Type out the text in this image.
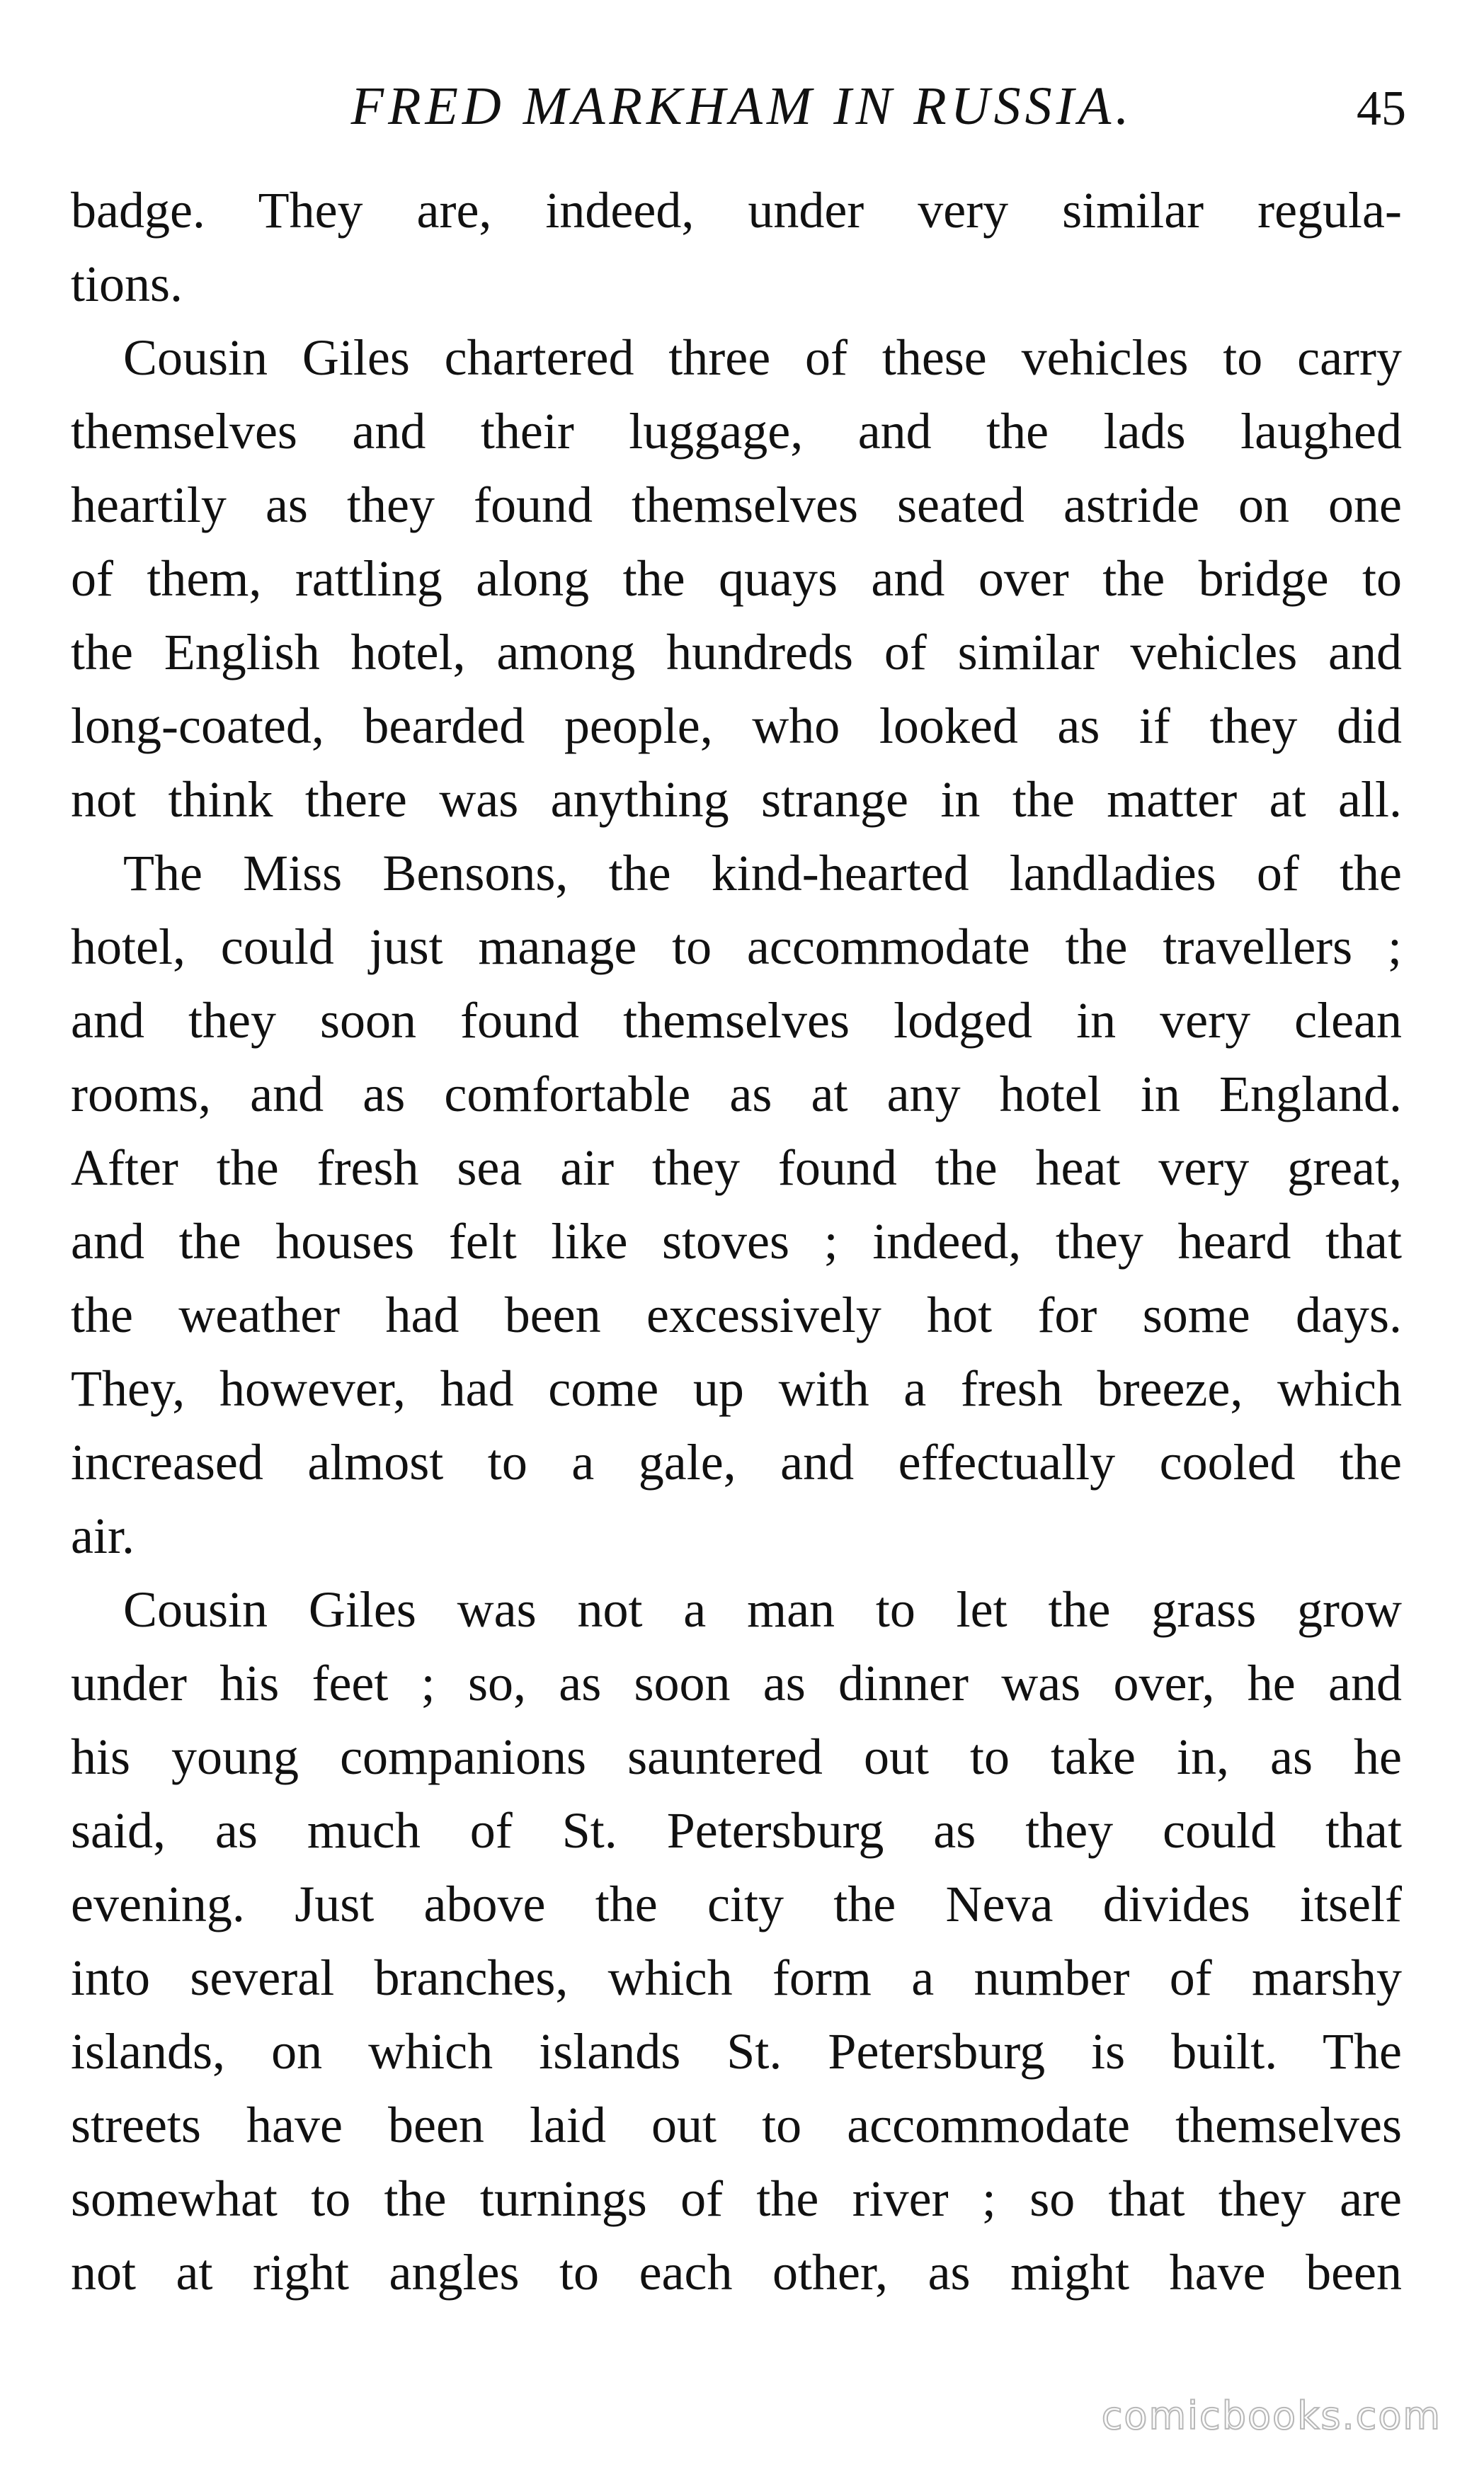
FRED MARKHAM IN RUSSIA.	45
badge. They are, indeed, under very similar regula-
tions.
Cousin Giles chartered three of these vehicles to carry
themselves and their luggage, and the lads laughed
heartily as they found themselves seated astride on one
of them, rattling along the quays and over the bridge to
the English hotel, among hundreds of similar vehicles and
long-coated, bearded people, who looked as if they did
not think there was anything strange in the matter at all.
The Miss Bensons, the kind-hearted landladies of the
hotel, could just manage to accommodate the travellers ;
and they soon found themselves lodged in very clean
rooms, and as comfortable as at any hotel in England.
After the fresh sea air they found the heat very great,
and the houses felt like stoves ; indeed, they heard that
the weather had been excessively hot for some days.
They, however, had come up with a fresh breeze, which
increased almost to a gale, and effectually cooled the
air.
Cousin Giles was not a man to let the grass grow
under his feet ; so, as soon as dinner was over, he and
his young companions sauntered out to take in, as he
said, as much of St. Petersburg as they could that
evening. Just above the city the Neva divides itself
into several branches, which form a number of marshy
islands, on which islands St. Petersburg is built. The
streets have been laid out to accommodate themselves
somewhat to the turnings of the river ; so that they are
not at right angles to each other, as might have been
comicbooks.com
